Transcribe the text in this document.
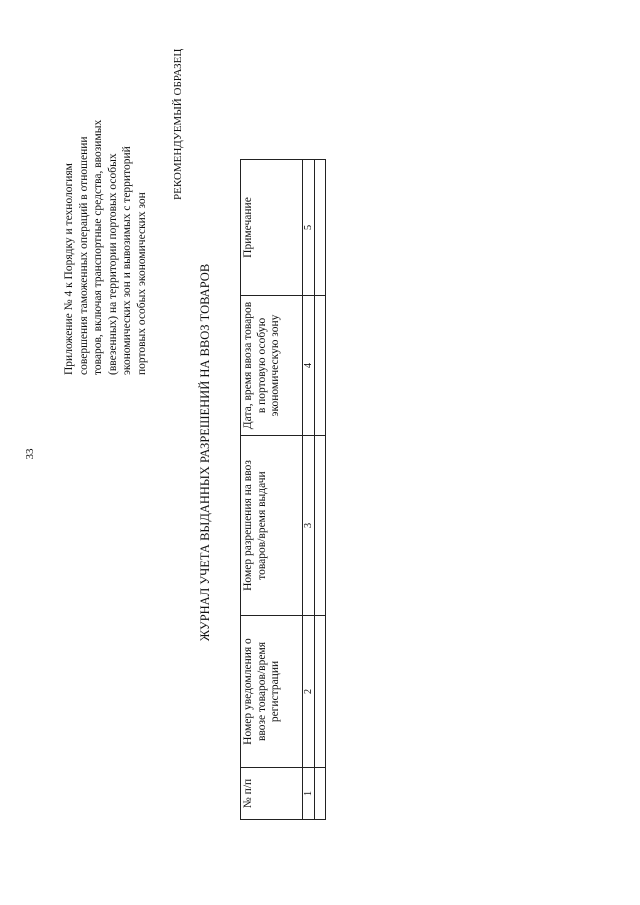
33
Приложение № 4 к Порядку и технологиям совершения таможенных операций в отношении товаров, включая транспортные средства, ввозимых (ввезенных) на территории портовых особых экономических зон и вывозимых с территорий портовых особых экономических зон
РЕКОМЕНДУЕМЫЙ ОБРАЗЕЦ
ЖУРНАЛ УЧЕТА ВЫДАННЫХ РАЗРЕШЕНИЙ НА ВВОЗ ТОВАРОВ
№ п/п	Номер уведомления о ввозе товаров/время регистрации	Номер разрешения на ввоз товаров/время выдачи	Дата, время ввоза товаров в портовую особую экономическую зону	Примечание

1	2	3	4	5
